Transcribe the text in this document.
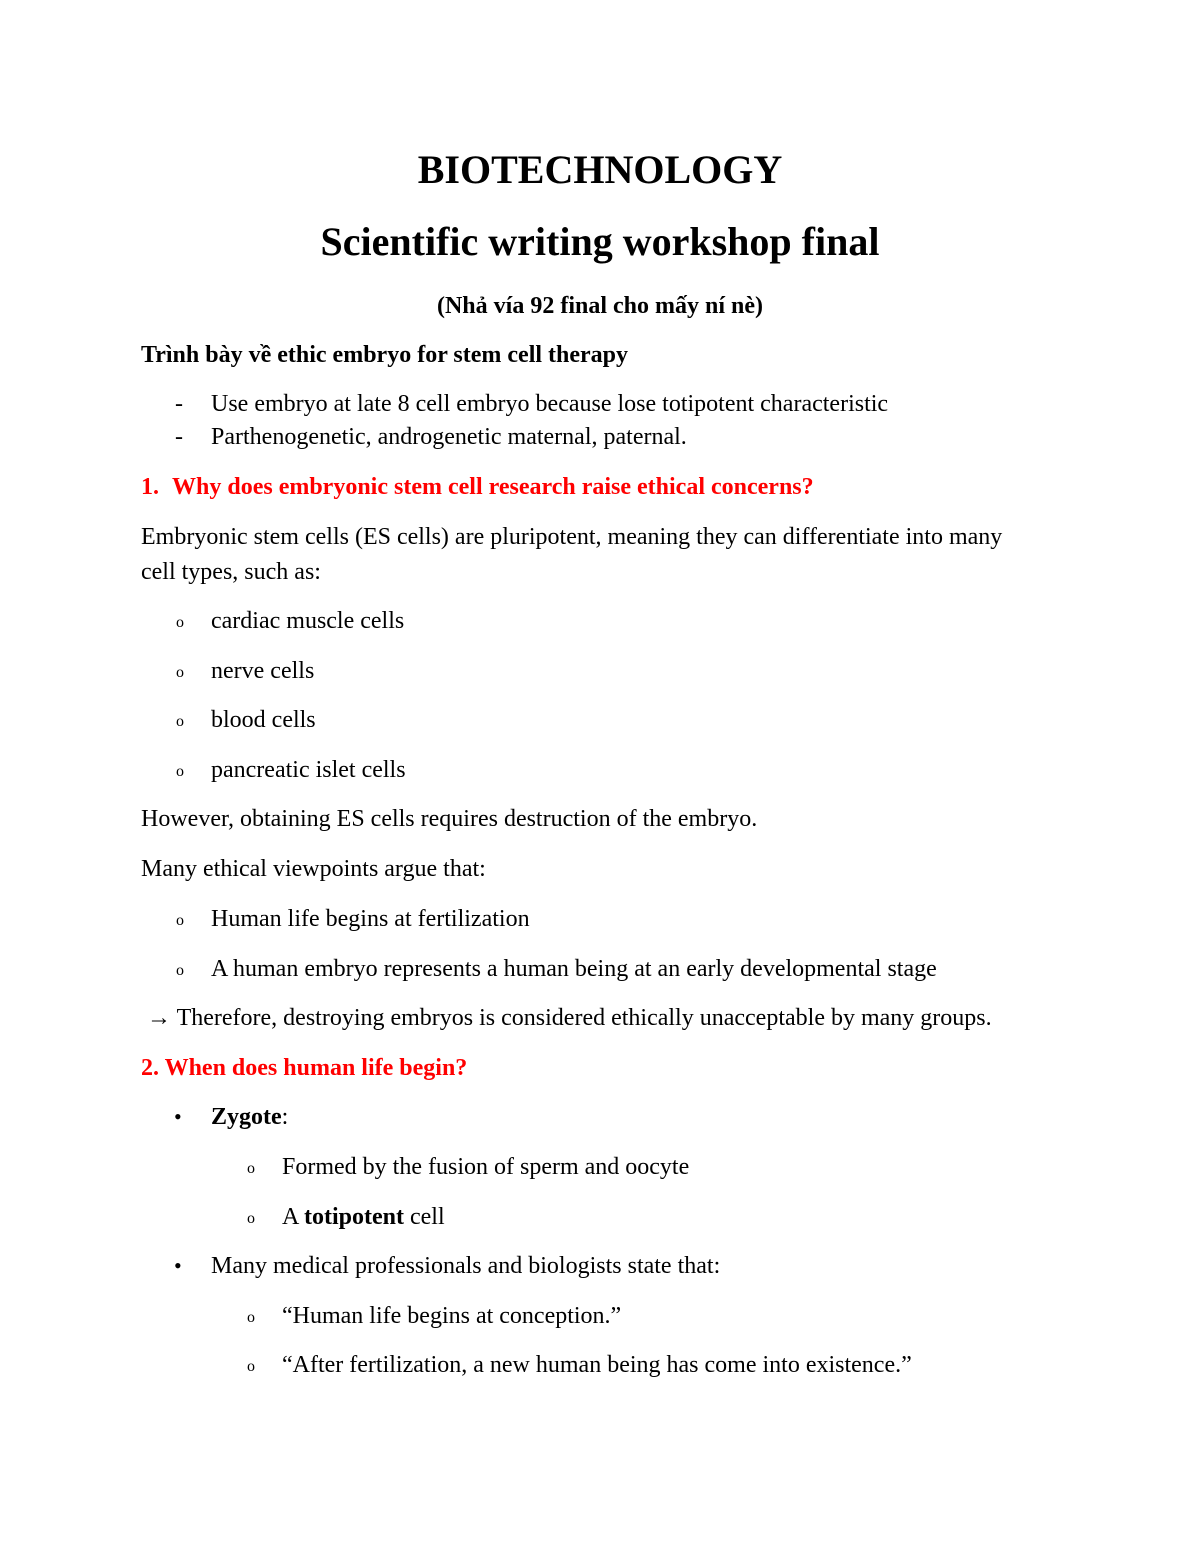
BIOTECHNOLOGY
Scientific writing workshop final
(Nhả vía 92 final cho mấy ní nè)
Trình bày về ethic embryo for stem cell therapy
- Use embryo at late 8 cell embryo because lose totipotent characteristic
- Parthenogenetic, androgenetic maternal, paternal.
1. Why does embryonic stem cell research raise ethical concerns?
Embryonic stem cells (ES cells) are pluripotent, meaning they can differentiate into many
cell types, such as:
o cardiac muscle cells
o nerve cells
o blood cells
o pancreatic islet cells
However, obtaining ES cells requires destruction of the embryo.
Many ethical viewpoints argue that:
o Human life begins at fertilization
o A human embryo represents a human being at an early developmental stage
→ Therefore, destroying embryos is considered ethically unacceptable by many groups.
2. When does human life begin?
• Zygote:
o Formed by the fusion of sperm and oocyte
o A totipotent cell
• Many medical professionals and biologists state that:
o “Human life begins at conception.”
o “After fertilization, a new human being has come into existence.”
